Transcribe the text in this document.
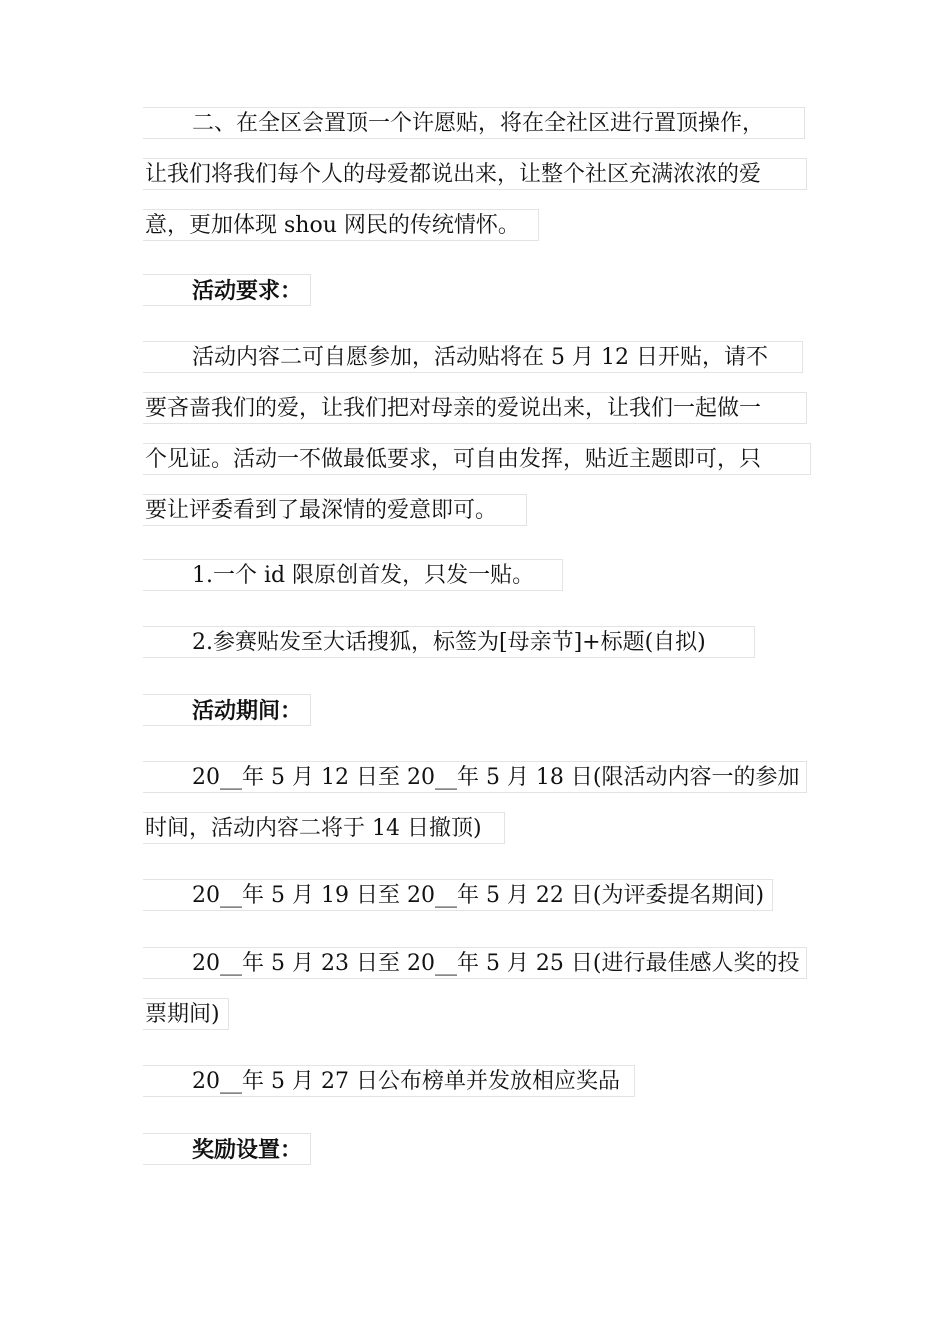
二、在全区会置顶一个许愿贴，将在全社区进行置顶操作，
让我们将我们每个人的母爱都说出来，让整个社区充满浓浓的爱
意，更加体现 shou 网民的传统情怀。
活动要求：
活动内容二可自愿参加，活动贴将在 5 月 12 日开贴，请不
要吝啬我们的爱，让我们把对母亲的爱说出来，让我们一起做一
个见证。活动一不做最低要求，可自由发挥，贴近主题即可，只
要让评委看到了最深情的爱意即可。
1.一个 id 限原创首发，只发一贴。
2.参赛贴发至大话搜狐，标签为[母亲节]+标题(自拟)
活动期间：
20__年 5 月 12 日至 20__年 5 月 18 日(限活动内容一的参加
时间，活动内容二将于 14 日撤顶)
20__年 5 月 19 日至 20__年 5 月 22 日(为评委提名期间)
20__年 5 月 23 日至 20__年 5 月 25 日(进行最佳感人奖的投
票期间)
20__年 5 月 27 日公布榜单并发放相应奖品
奖励设置：
